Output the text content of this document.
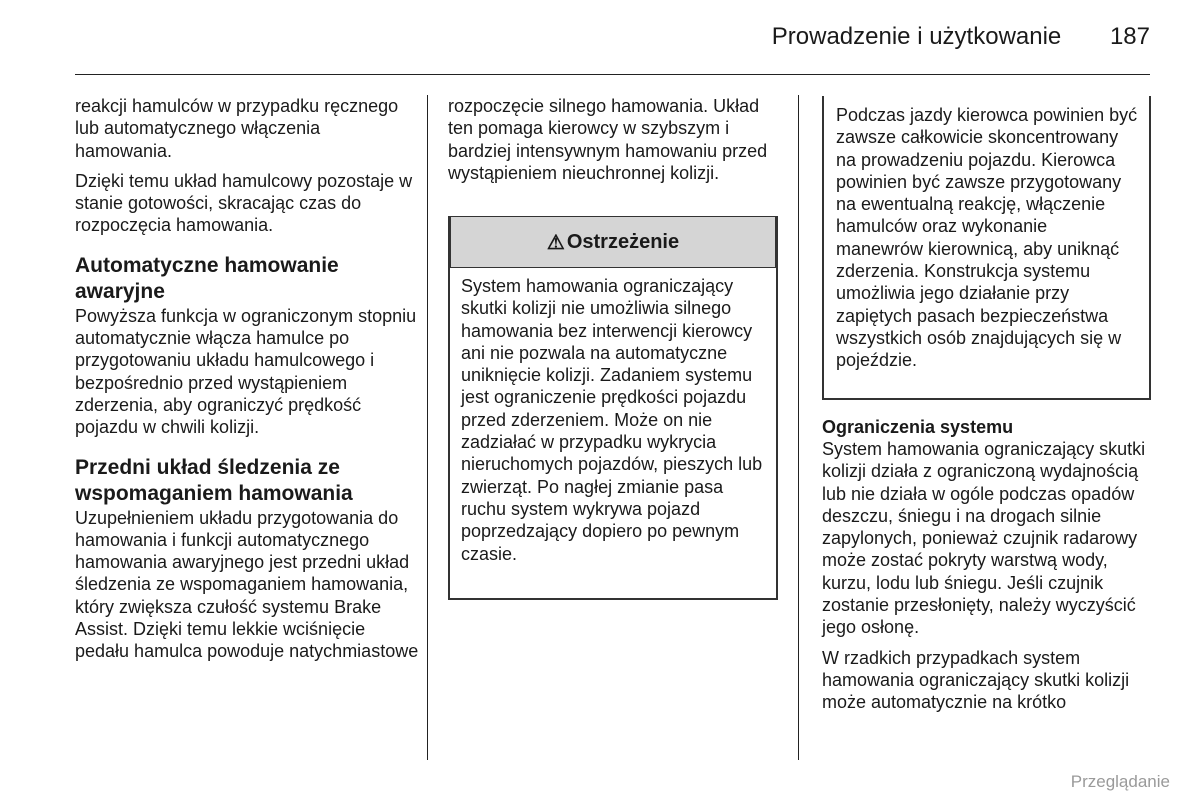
Prowadzenie i użytkowanie 187

reakcji hamulców w przypadku ręcznego lub automatycznego włączenia hamowania.

Dzięki temu układ hamulcowy pozostaje w stanie gotowości, skracając czas do rozpoczęcia hamowania.

Automatyczne hamowanie awaryjne

Powyższa funkcja w ograniczonym stopniu automatycznie włącza hamulce po przygotowaniu układu hamulcowego i bezpośrednio przed wystąpieniem zderzenia, aby ograniczyć prędkość pojazdu w chwili kolizji.

Przedni układ śledzenia ze wspomaganiem hamowania

Uzupełnieniem układu przygotowania do hamowania i funkcji automatycznego hamowania awaryjnego jest przedni układ śledzenia ze wspomaganiem hamowania, który zwiększa czułość systemu Brake Assist. Dzięki temu lekkie wciśnięcie pedału hamulca powoduje natychmiastowe

rozpoczęcie silnego hamowania. Układ ten pomaga kierowcy w szybszym i bardziej intensywnym hamowaniu przed wystąpieniem nieuchronnej kolizji.

⚠ Ostrzeżenie
System hamowania ograniczający skutki kolizji nie umożliwia silnego hamowania bez interwencji kierowcy ani nie pozwala na automatyczne uniknięcie kolizji. Zadaniem systemu jest ograniczenie prędkości pojazdu przed zderzeniem. Może on nie zadziałać w przypadku wykrycia nieruchomych pojazdów, pieszych lub zwierząt. Po nagłej zmianie pasa ruchu system wykrywa pojazd poprzedzający dopiero po pewnym czasie.
Podczas jazdy kierowca powinien być zawsze całkowicie skoncentrowany na prowadzeniu pojazdu. Kierowca powinien być zawsze przygotowany na ewentualną reakcję, włączenie hamulców oraz wykonanie manewrów kierownicą, aby uniknąć zderzenia. Konstrukcja systemu umożliwia jego działanie przy zapiętych pasach bezpieczeństwa wszystkich osób znajdujących się w pojeździe.
Ograniczenia systemu

System hamowania ograniczający skutki kolizji działa z ograniczoną wydajnością lub nie działa w ogóle podczas opadów deszczu, śniegu i na drogach silnie zapylonych, ponieważ czujnik radarowy może zostać pokryty warstwą wody, kurzu, lodu lub śniegu. Jeśli czujnik zostanie przesłonięty, należy wyczyścić jego osłonę.

W rzadkich przypadkach system hamowania ograniczający skutki kolizji może automatycznie na krótko

Przeglądanie
